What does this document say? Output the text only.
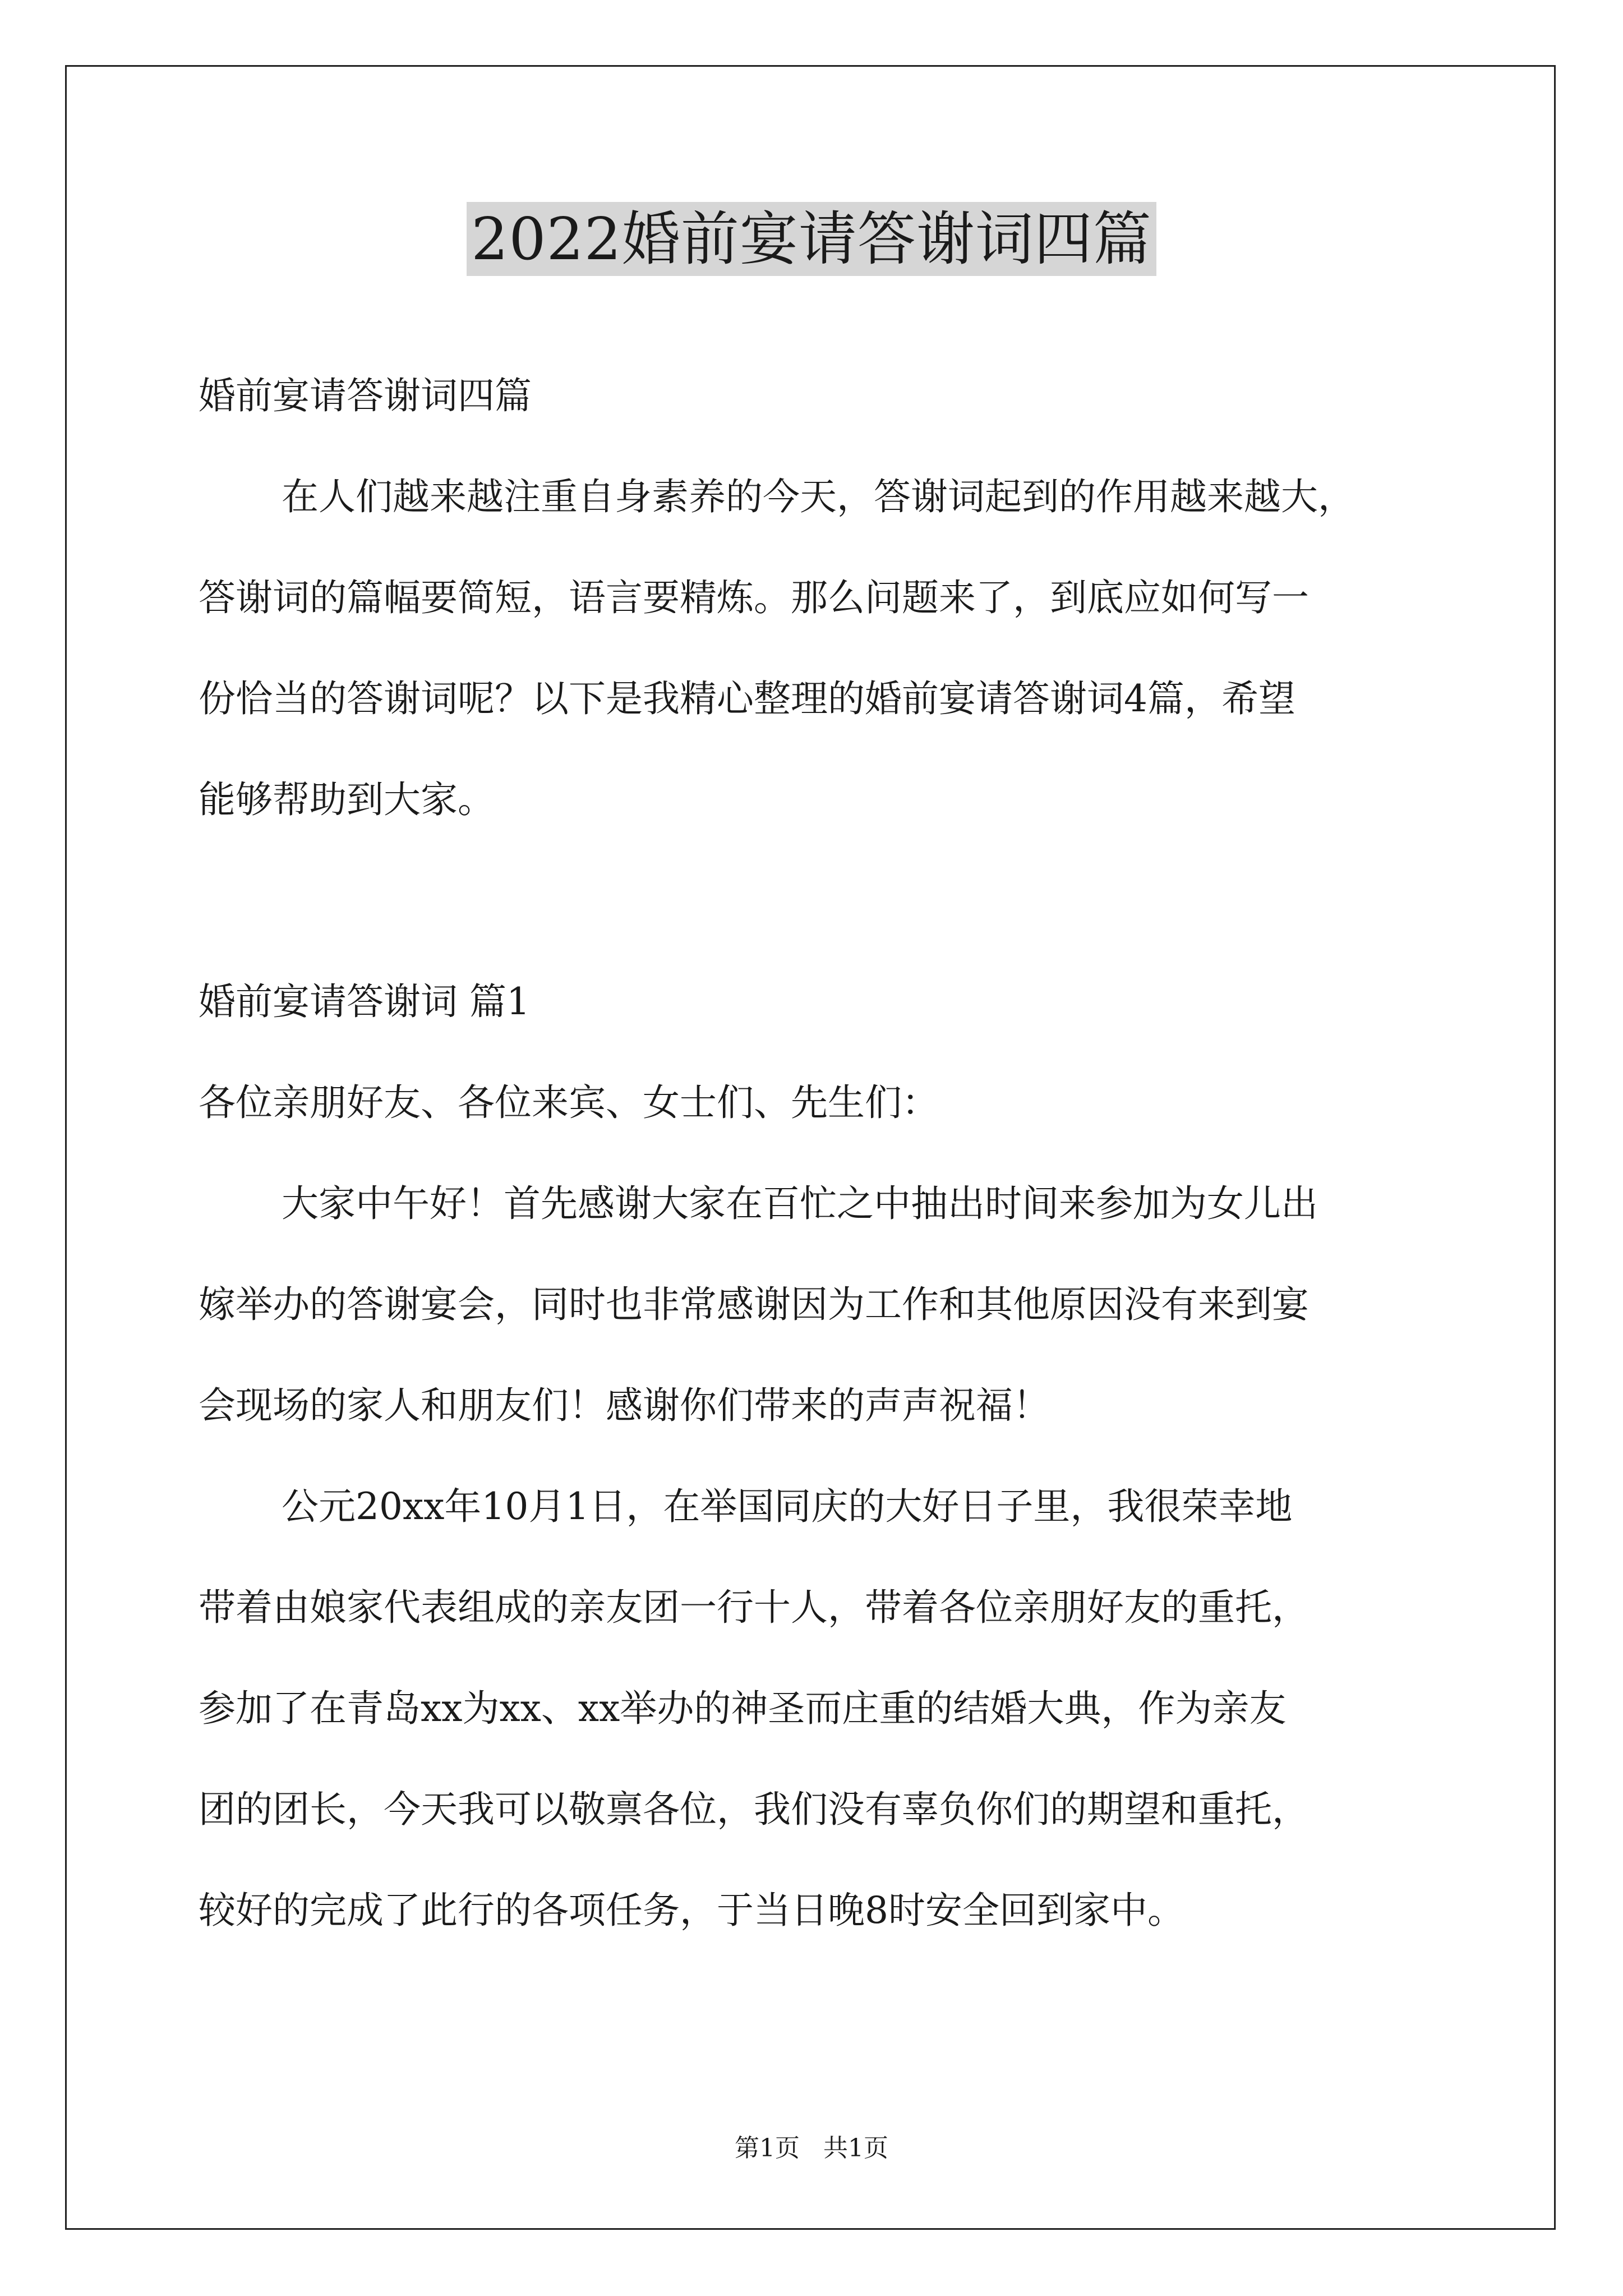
2022婚前宴请答谢词四篇
婚前宴请答谢词四篇
在人们越来越注重自身素养的今天，答谢词起到的作用越来越大，
答谢词的篇幅要简短，语言要精炼。那么问题来了，到底应如何写一
份恰当的答谢词呢？以下是我精心整理的婚前宴请答谢词4篇，希望
能够帮助到大家。
婚前宴请答谢词 篇1
各位亲朋好友、各位来宾、女士们、先生们：
大家中午好！首先感谢大家在百忙之中抽出时间来参加为女儿出
嫁举办的答谢宴会，同时也非常感谢因为工作和其他原因没有来到宴
会现场的家人和朋友们！感谢你们带来的声声祝福！
公元20xx年10月1日，在举国同庆的大好日子里，我很荣幸地
带着由娘家代表组成的亲友团一行十人，带着各位亲朋好友的重托，
参加了在青岛xx为xx、xx举办的神圣而庄重的结婚大典，作为亲友
团的团长，今天我可以敬禀各位，我们没有辜负你们的期望和重托，
较好的完成了此行的各项任务，于当日晚8时安全回到家中。
第1页 共1页
